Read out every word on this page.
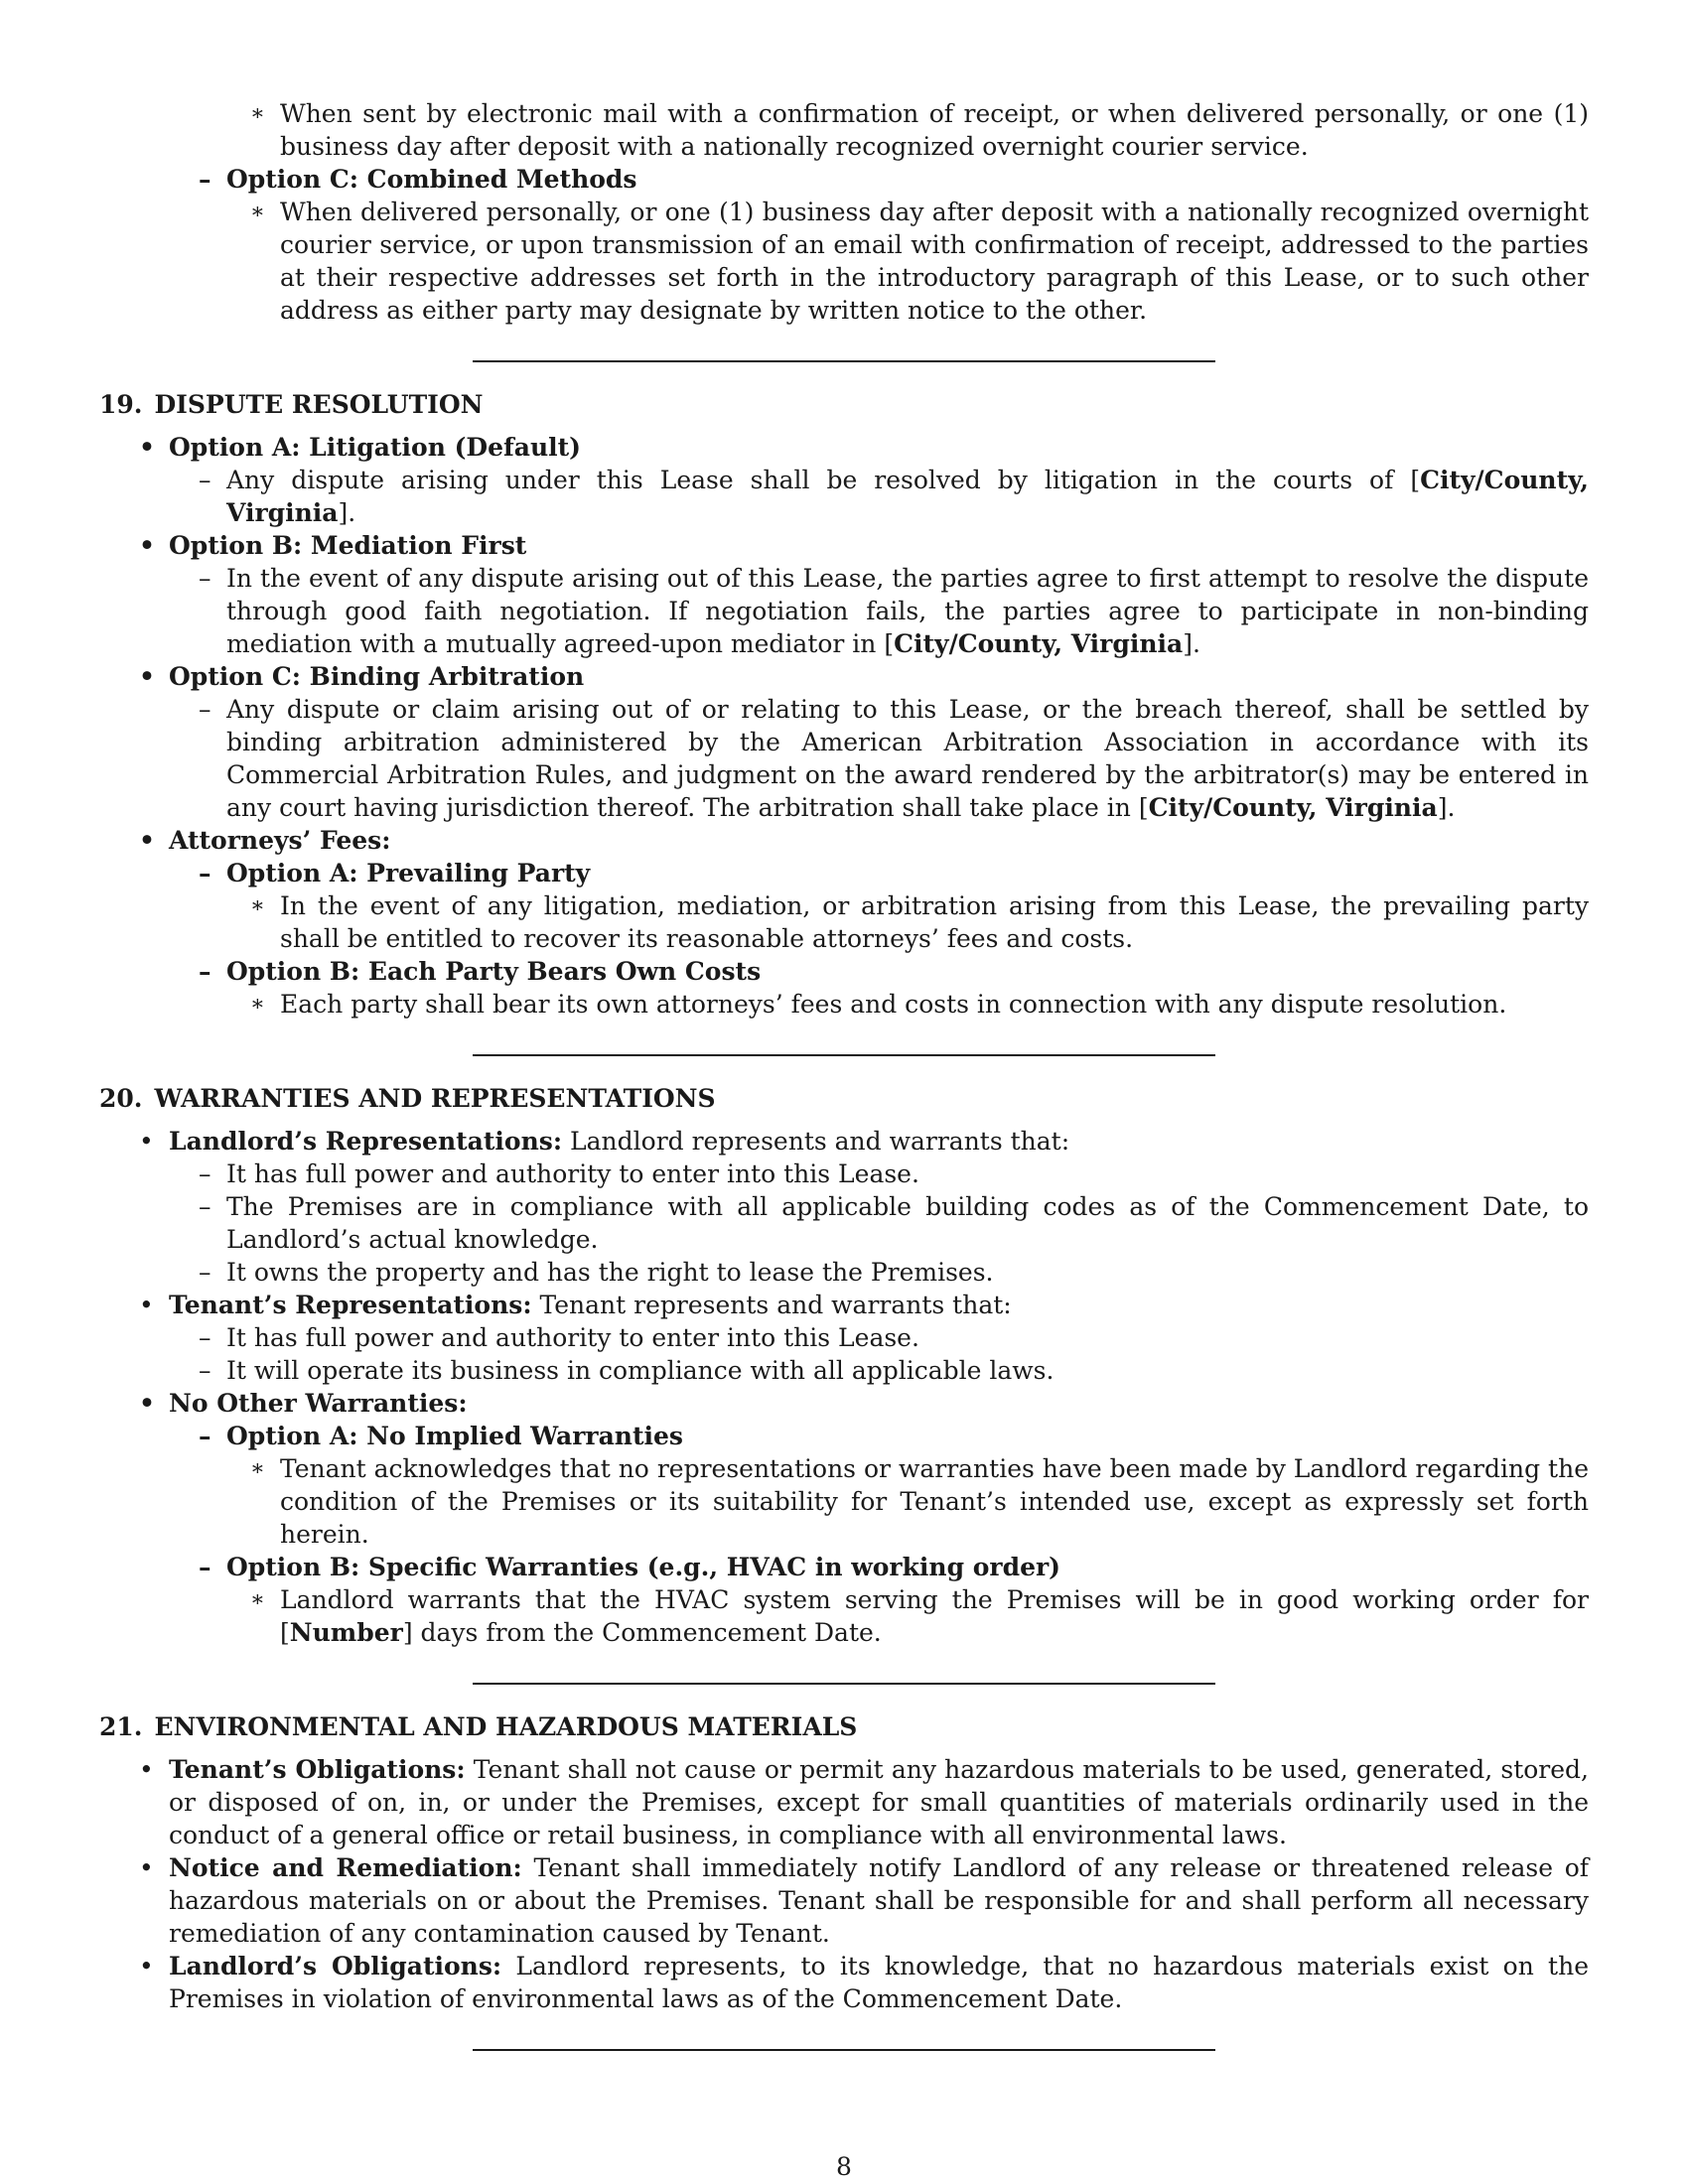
∗ When sent by electronic mail with a confirmation of receipt, or when delivered personally, or one (1) business day after deposit with a nationally recognized overnight courier service.
– Option C: Combined Methods
∗ When delivered personally, or one (1) business day after deposit with a nationally recognized overnight courier service, or upon transmission of an email with confirmation of receipt, addressed to the parties at their respective addresses set forth in the introductory paragraph of this Lease, or to such other address as either party may designate by written notice to the other.
19. DISPUTE RESOLUTION
• Option A: Litigation (Default)
– Any dispute arising under this Lease shall be resolved by litigation in the courts of [City/County, Virginia].
• Option B: Mediation First
– In the event of any dispute arising out of this Lease, the parties agree to first attempt to resolve the dispute through good faith negotiation. If negotiation fails, the parties agree to participate in non-binding mediation with a mutually agreed-upon mediator in [City/County, Virginia].
• Option C: Binding Arbitration
– Any dispute or claim arising out of or relating to this Lease, or the breach thereof, shall be settled by binding arbitration administered by the American Arbitration Association in accordance with its Commercial Arbitration Rules, and judgment on the award rendered by the arbitrator(s) may be entered in any court having jurisdiction thereof. The arbitration shall take place in [City/County, Virginia].
• Attorneys’ Fees:
– Option A: Prevailing Party
∗ In the event of any litigation, mediation, or arbitration arising from this Lease, the prevailing party shall be entitled to recover its reasonable attorneys’ fees and costs.
– Option B: Each Party Bears Own Costs
∗ Each party shall bear its own attorneys’ fees and costs in connection with any dispute resolution.
20. WARRANTIES AND REPRESENTATIONS
• Landlord’s Representations: Landlord represents and warrants that:
– It has full power and authority to enter into this Lease.
– The Premises are in compliance with all applicable building codes as of the Commencement Date, to Landlord’s actual knowledge.
– It owns the property and has the right to lease the Premises.
• Tenant’s Representations: Tenant represents and warrants that:
– It has full power and authority to enter into this Lease.
– It will operate its business in compliance with all applicable laws.
• No Other Warranties:
– Option A: No Implied Warranties
∗ Tenant acknowledges that no representations or warranties have been made by Landlord regarding the condition of the Premises or its suitability for Tenant’s intended use, except as expressly set forth herein.
– Option B: Specific Warranties (e.g., HVAC in working order)
∗ Landlord warrants that the HVAC system serving the Premises will be in good working order for [Number] days from the Commencement Date.
21. ENVIRONMENTAL AND HAZARDOUS MATERIALS
• Tenant’s Obligations: Tenant shall not cause or permit any hazardous materials to be used, generated, stored, or disposed of on, in, or under the Premises, except for small quantities of materials ordinarily used in the conduct of a general office or retail business, in compliance with all environmental laws.
• Notice and Remediation: Tenant shall immediately notify Landlord of any release or threatened release of hazardous materials on or about the Premises. Tenant shall be responsible for and shall perform all necessary remediation of any contamination caused by Tenant.
• Landlord’s Obligations: Landlord represents, to its knowledge, that no hazardous materials exist on the Premises in violation of environmental laws as of the Commencement Date.
8
